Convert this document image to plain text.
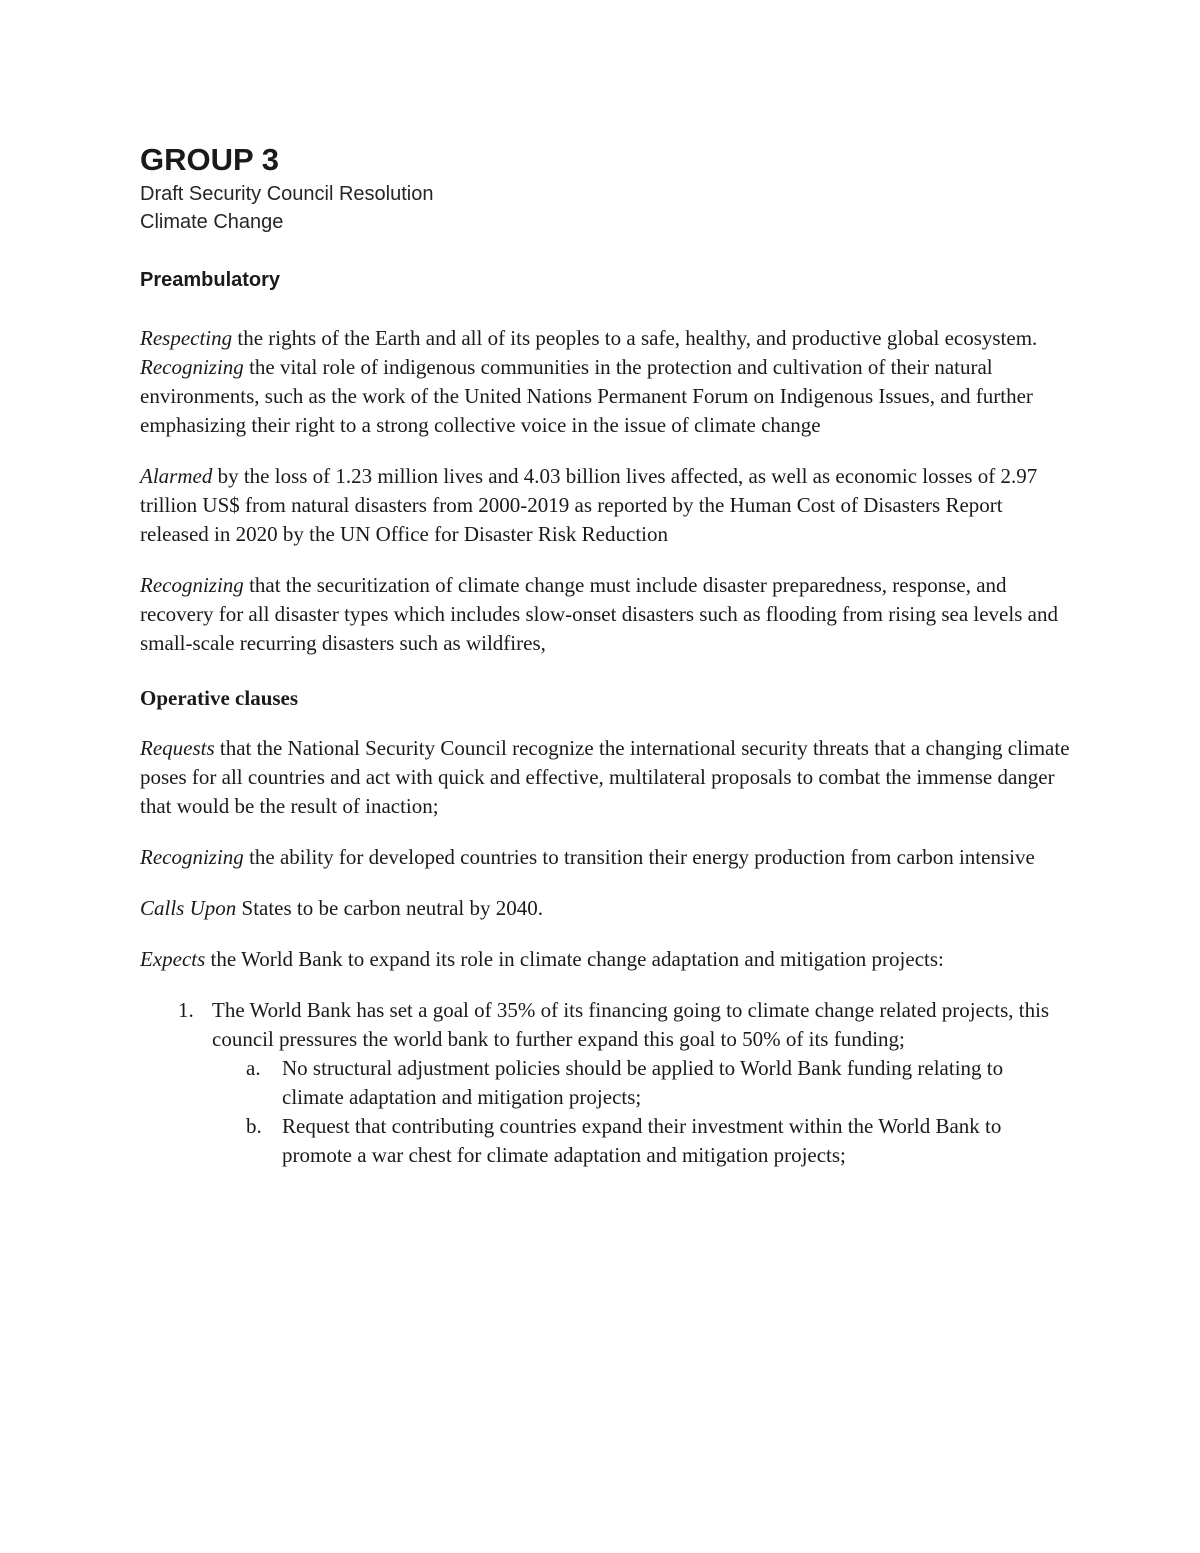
GROUP 3

Draft Security Council Resolution

Climate Change

Preambulatory

Respecting the rights of the Earth and all of its peoples to a safe, healthy, and productive global ecosystem.

Recognizing the vital role of indigenous communities in the protection and cultivation of their natural environments, such as the work of the United Nations Permanent Forum on Indigenous Issues, and further emphasizing their right to a strong collective voice in the issue of climate change

Alarmed by the loss of 1.23 million lives and 4.03 billion lives affected, as well as economic losses of 2.97 trillion US$ from natural disasters from 2000-2019 as reported by the Human Cost of Disasters Report released in 2020 by the UN Office for Disaster Risk Reduction

Recognizing that the securitization of climate change must include disaster preparedness, response, and recovery for all disaster types which includes slow-onset disasters such as flooding from rising sea levels and small-scale recurring disasters such as wildfires,

Operative clauses

Requests that the National Security Council recognize the international security threats that a changing climate poses for all countries and act with quick and effective, multilateral proposals to combat the immense danger that would be the result of inaction;

Recognizing the ability for developed countries to transition their energy production from carbon intensive

Calls Upon States to be carbon neutral by 2040.

Expects the World Bank to expand its role in climate change adaptation and mitigation projects:

1. The World Bank has set a goal of 35% of its financing going to climate change related projects, this council pressures the world bank to further expand this goal to 50% of its funding;
a. No structural adjustment policies should be applied to World Bank funding relating to climate adaptation and mitigation projects;
b. Request that contributing countries expand their investment within the World Bank to promote a war chest for climate adaptation and mitigation projects;
